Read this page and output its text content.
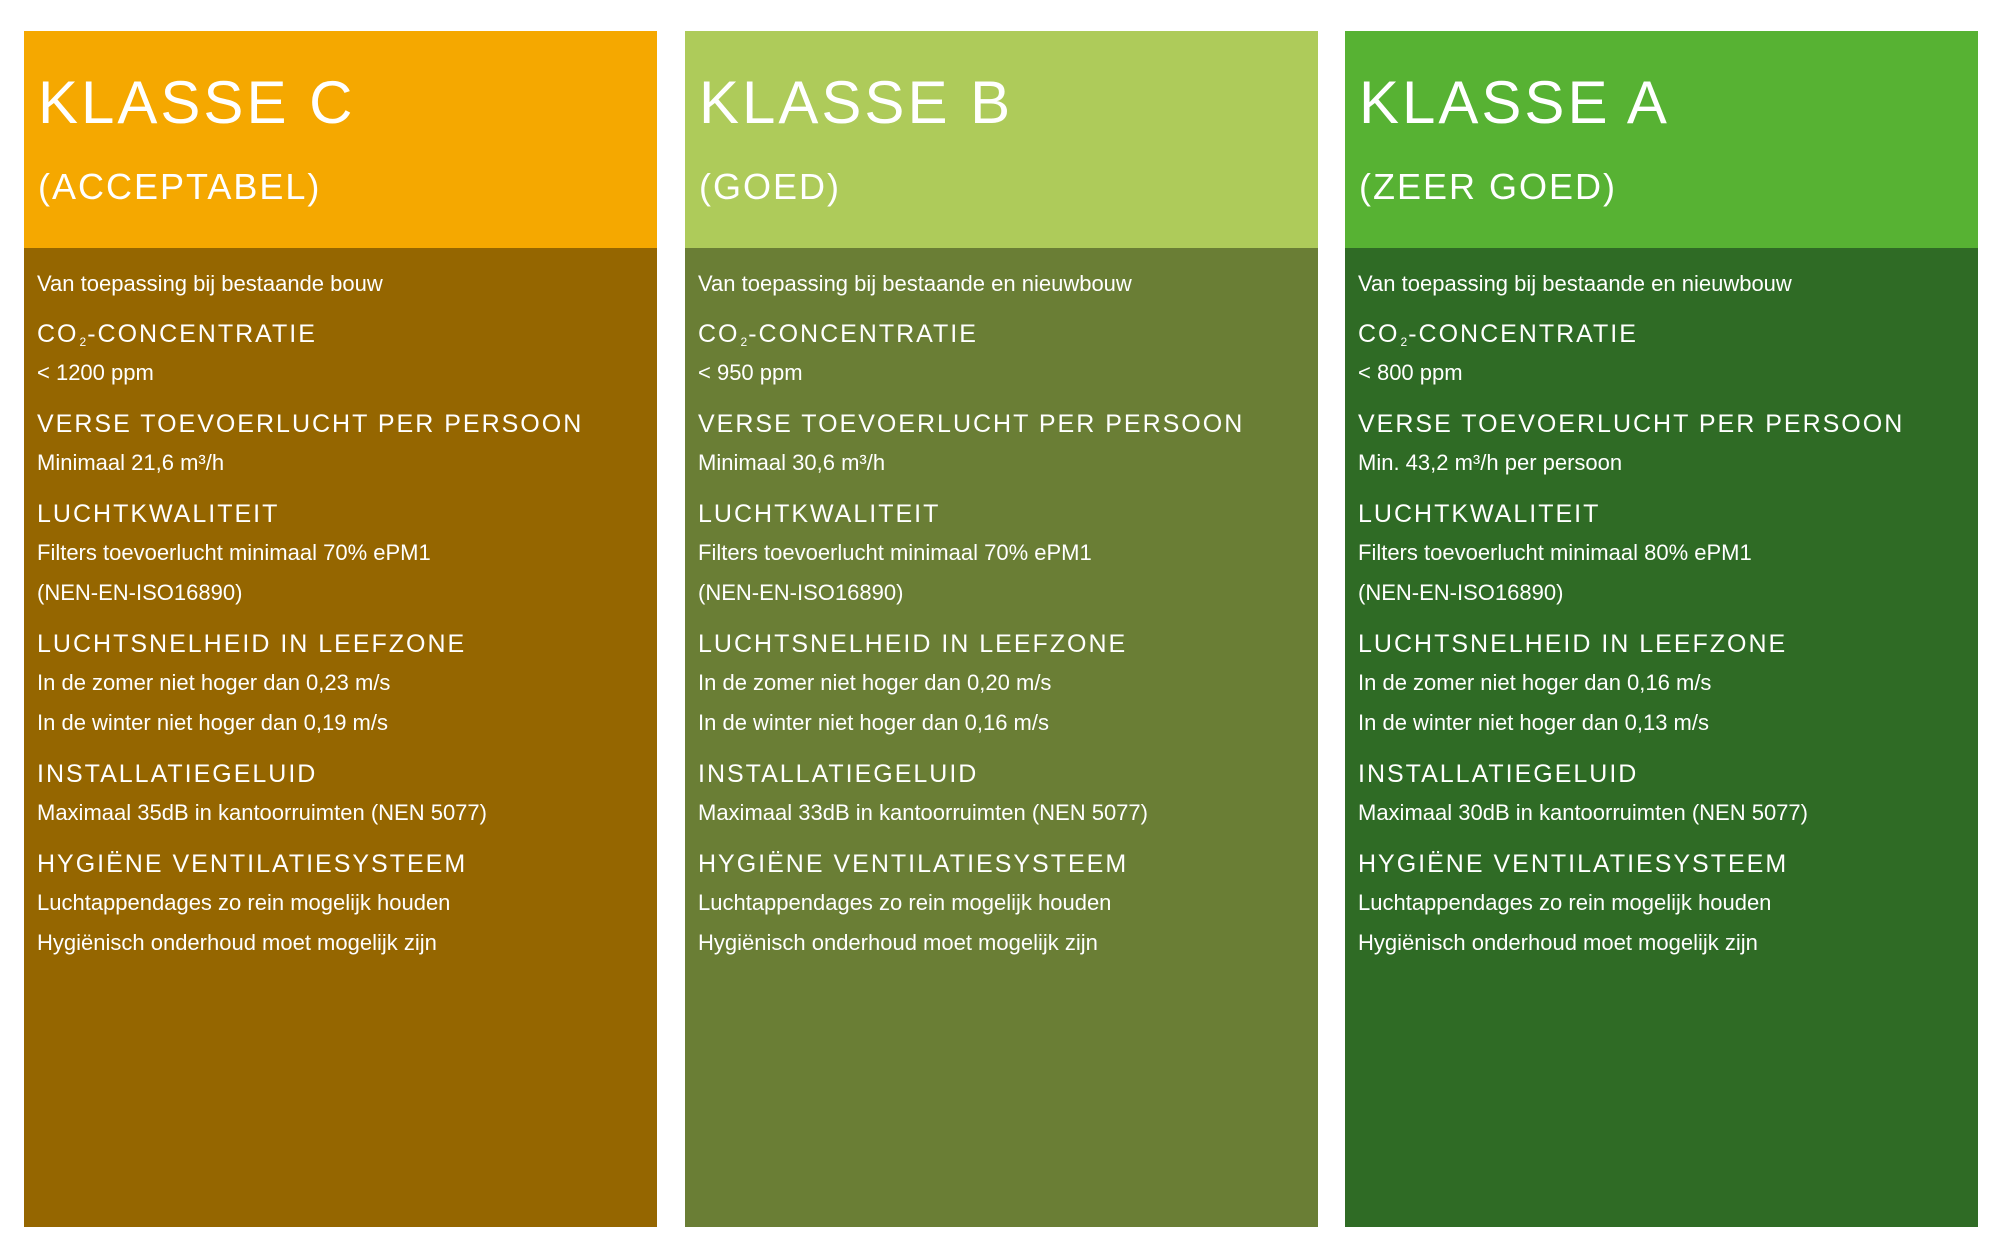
KLASSE C
(ACCEPTABEL)
Van toepassing bij bestaande bouw
$CO_2$-CONCENTRATIE
< 1200 ppm
VERSE TOEVOERLUCHT PER PERSOON
Minimaal 21,6 m³/h
LUCHTKWALITEIT
Filters toevoerlucht minimaal 70% ePM1
(NEN-EN-ISO16890)
LUCHTSNELHEID IN LEEFZONE
In de zomer niet hoger dan 0,23 m/s
In de winter niet hoger dan 0,19 m/s
INSTALLATIEGELUID
Maximaal 35dB in kantoorruimten (NEN 5077)
HYGIËNE VENTILATIESYSTEEM
Luchtappendages zo rein mogelijk houden
Hygiënisch onderhoud moet mogelijk zijn
KLASSE B
(GOED)
Van toepassing bij bestaande en nieuwbouw
$CO_2$-CONCENTRATIE
< 950 ppm
VERSE TOEVOERLUCHT PER PERSOON
Minimaal 30,6 m³/h
LUCHTKWALITEIT
Filters toevoerlucht minimaal 70% ePM1
(NEN-EN-ISO16890)
LUCHTSNELHEID IN LEEFZONE
In de zomer niet hoger dan 0,20 m/s
In de winter niet hoger dan 0,16 m/s
INSTALLATIEGELUID
Maximaal 33dB in kantoorruimten (NEN 5077)
HYGIËNE VENTILATIESYSTEEM
Luchtappendages zo rein mogelijk houden
Hygiënisch onderhoud moet mogelijk zijn
KLASSE A
(ZEER GOED)
Van toepassing bij bestaande en nieuwbouw
$CO_2$-CONCENTRATIE
< 800 ppm
VERSE TOEVOERLUCHT PER PERSOON
Min. 43,2 m³/h per persoon
LUCHTKWALITEIT
Filters toevoerlucht minimaal 80% ePM1
(NEN-EN-ISO16890)
LUCHTSNELHEID IN LEEFZONE
In de zomer niet hoger dan 0,16 m/s
In de winter niet hoger dan 0,13 m/s
INSTALLATIEGELUID
Maximaal 30dB in kantoorruimten (NEN 5077)
HYGIËNE VENTILATIESYSTEEM
Luchtappendages zo rein mogelijk houden
Hygiënisch onderhoud moet mogelijk zijn
